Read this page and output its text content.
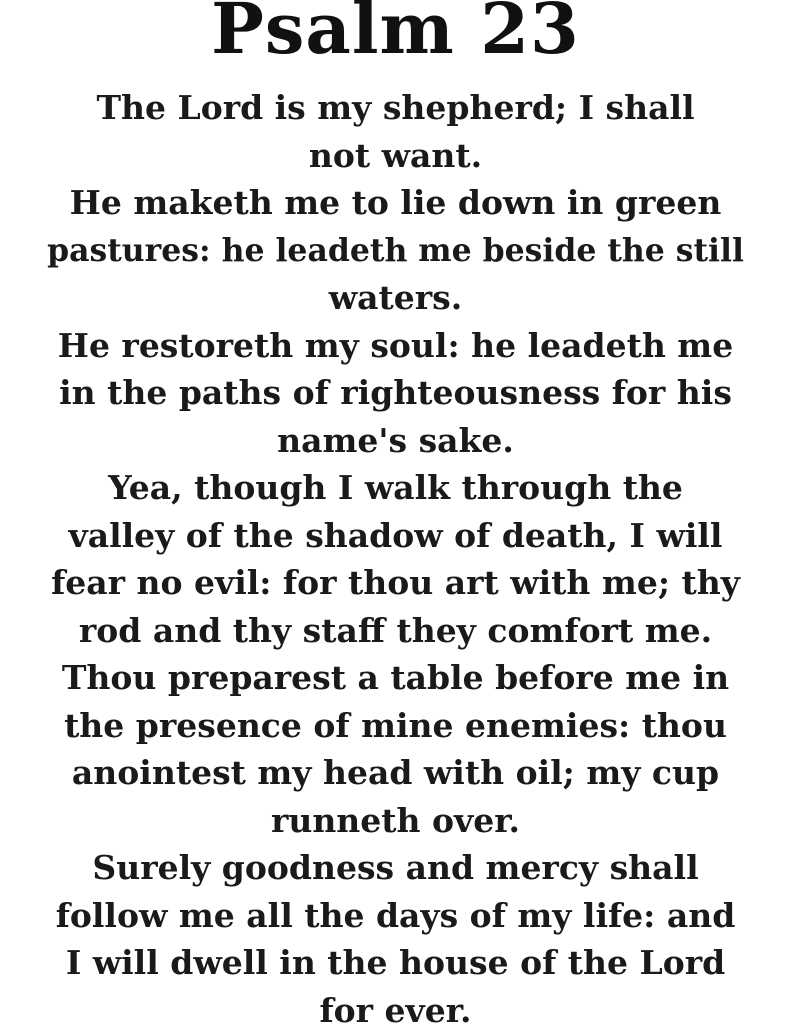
Psalm 23
The Lord is my shepherd; I shall
not want.
He maketh me to lie down in green
pastures: he leadeth me beside the still
waters.
He restoreth my soul: he leadeth me
in the paths of righteousness for his
name's sake.
Yea, though I walk through the
valley of the shadow of death, I will
fear no evil: for thou art with me; thy
rod and thy staff they comfort me.
Thou preparest a table before me in
the presence of mine enemies: thou
anointest my head with oil; my cup
runneth over.
Surely goodness and mercy shall
follow me all the days of my life: and
I will dwell in the house of the Lord
for ever.
